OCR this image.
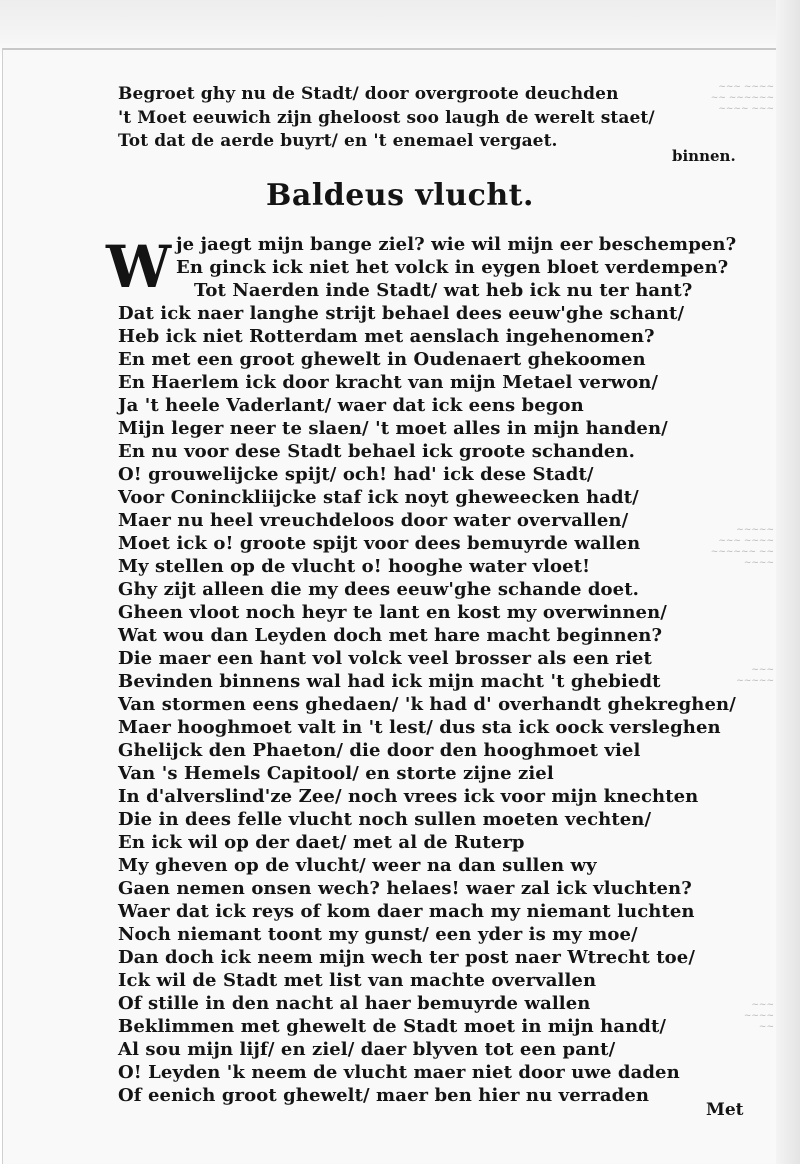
~~~ ~~~~
~~ ~~~~~~
~~~~ ~~~
~~~~~
~~~ ~~~~
~~~~~~ ~~
~~~~
~~~
~~~~~
~~~
~~~~
~~
Begroet ghy nu de Stadt/ door overgroote deuchden
't Moet eeuwich zijn gheloost soo laugh de werelt staet/
Tot dat de aerde buyrt/ en 't enemael vergaet.
binnen.
Baldeus vlucht.
W je jaegt mijn bange ziel? wie wil mijn eer beschempen?
En ginck ick niet het volck in eygen bloet verdempen?
Tot Naerden inde Stadt/ wat heb ick nu ter hant?
Dat ick naer langhe strijt behael dees eeuw'ghe schant/
Heb ick niet Rotterdam met aenslach ingehenomen?
En met een groot ghewelt in Oudenaert ghekoomen
En Haerlem ick door kracht van mijn Metael verwon/
Ja 't heele Vaderlant/ waer dat ick eens begon
Mijn leger neer te slaen/ 't moet alles in mijn handen/
En nu voor dese Stadt behael ick groote schanden.
O! grouwelijcke spijt/ och! had' ick dese Stadt/
Voor Coninckliijcke staf ick noyt gheweecken hadt/
Maer nu heel vreuchdeloos door water overvallen/
Moet ick o! groote spijt voor dees bemuyrde wallen
My stellen op de vlucht o! hooghe water vloet!
Ghy zijt alleen die my dees eeuw'ghe schande doet.
Gheen vloot noch heyr te lant en kost my overwinnen/
Wat wou dan Leyden doch met hare macht beginnen?
Die maer een hant vol volck veel brosser als een riet
Bevinden binnens wal had ick mijn macht 't ghebiedt
Van stormen eens ghedaen/ 'k had d' overhandt ghekreghen/
Maer hooghmoet valt in 't lest/ dus sta ick oock versleghen
Ghelijck den Phaeton/ die door den hooghmoet viel
Van 's Hemels Capitool/ en storte zijne ziel
In d'alverslind'ze Zee/ noch vrees ick voor mijn knechten
Die in dees felle vlucht noch sullen moeten vechten/
En ick wil op der daet/ met al de Ruterp
My gheven op de vlucht/ weer na dan sullen wy
Gaen nemen onsen wech? helaes! waer zal ick vluchten?
Waer dat ick reys of kom daer mach my niemant luchten
Noch niemant toont my gunst/ een yder is my moe/
Dan doch ick neem mijn wech ter post naer Wtrecht toe/
Ick wil de Stadt met list van machte overvallen
Of stille in den nacht al haer bemuyrde wallen
Beklimmen met ghewelt de Stadt moet in mijn handt/
Al sou mijn lijf/ en ziel/ daer blyven tot een pant/
O! Leyden 'k neem de vlucht maer niet door uwe daden
Of eenich groot ghewelt/ maer ben hier nu verraden
Met
